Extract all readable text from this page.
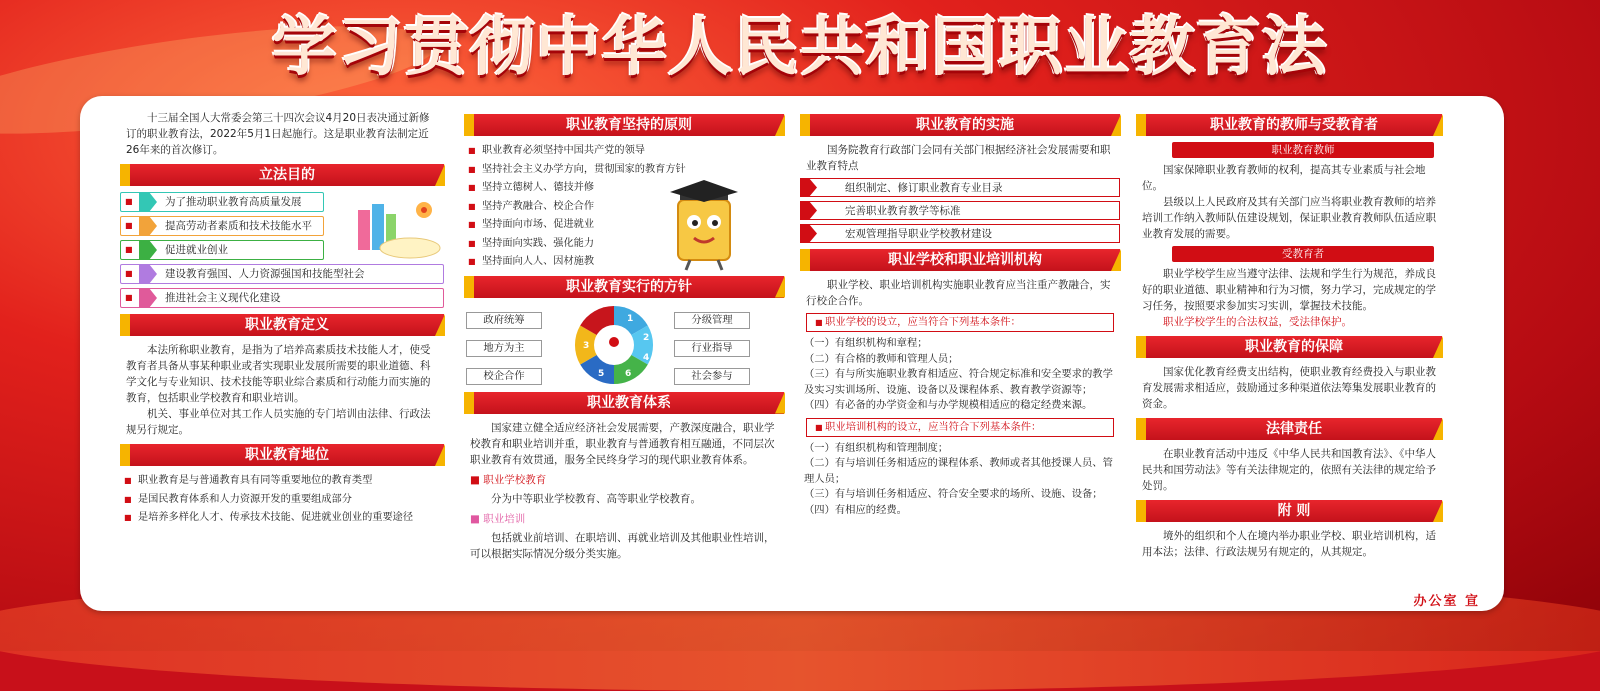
学习贯彻中华人民共和国职业教育法

十三届全国人大常委会第三十四次会议4月20日表决通过新修订的职业教育法，2022年5月1日起施行。这是职业教育法制定近26年来的首次修订。

立法目的
■ 为了推动职业教育高质量发展
■ 提高劳动者素质和技术技能水平
■ 促进就业创业
■ 建设教育强国、人力资源强国和技能型社会
■ 推进社会主义现代化建设
职业教育定义

本法所称职业教育，是指为了培养高素质技术技能人才，使受教育者具备从事某种职业或者实现职业发展所需要的职业道德、科学文化与专业知识、技术技能等职业综合素质和行动能力而实施的教育，包括职业学校教育和职业培训。

机关、事业单位对其工作人员实施的专门培训由法律、行政法规另行规定。

职业教育地位
■ 职业教育是与普通教育具有同等重要地位的教育类型
■ 是国民教育体系和人力资源开发的重要组成部分
■ 是培养多样化人才、传承技术技能、促进就业创业的重要途径
职业教育坚持的原则
■ 职业教育必须坚持中国共产党的领导
■ 坚持社会主义办学方向，贯彻国家的教育方针
■ 坚持立德树人、德技并修
■ 坚持产教融合、校企合作
■ 坚持面向市场、促进就业
■ 坚持面向实践、强化能力
■ 坚持面向人人、因材施教
职业教育实行的方针
政府统筹
地方为主
校企合作
分级管理
行业指导
社会参与
1
2
3
4
5 6
职业教育体系

国家建立健全适应经济社会发展需要，产教深度融合，职业学校教育和职业培训并重，职业教育与普通教育相互融通，不同层次职业教育有效贯通，服务全民终身学习的现代职业教育体系。

■ 职业学校教育

分为中等职业学校教育、高等职业学校教育。

■ 职业培训

包括就业前培训、在职培训、再就业培训及其他职业性培训，可以根据实际情况分级分类实施。

职业教育的实施

国务院教育行政部门会同有关部门根据经济社会发展需要和职业教育特点

组织制定、修订职业教育专业目录
完善职业教育教学等标准
宏观管理指导职业学校教材建设
职业学校和职业培训机构

职业学校、职业培训机构实施职业教育应当注重产教融合，实行校企合作。

■ 职业学校的设立，应当符合下列基本条件：

（一）有组织机构和章程；

（二）有合格的教师和管理人员；

（三）有与所实施职业教育相适应、符合规定标准和安全要求的教学及实习实训场所、设施、设备以及课程体系、教育教学资源等；

（四）有必备的办学资金和与办学规模相适应的稳定经费来源。

■ 职业培训机构的设立，应当符合下列基本条件：

（一）有组织机构和管理制度；

（二）有与培训任务相适应的课程体系、教师或者其他授课人员、管理人员；

（三）有与培训任务相适应、符合安全要求的场所、设施、设备；

（四）有相应的经费。

职业教育的教师与受教育者
职业教育教师

国家保障职业教育教师的权利，提高其专业素质与社会地位。

县级以上人民政府及其有关部门应当将职业教育教师的培养培训工作纳入教师队伍建设规划，保证职业教育教师队伍适应职业教育发展的需要。

受教育者

职业学校学生应当遵守法律、法规和学生行为规范，养成良好的职业道德、职业精神和行为习惯，努力学习，完成规定的学习任务，按照要求参加实习实训，掌握技术技能。

职业学校学生的合法权益，受法律保护。

职业教育的保障

国家优化教育经费支出结构，使职业教育经费投入与职业教育发展需求相适应，鼓励通过多种渠道依法筹集发展职业教育的资金。

法律责任

在职业教育活动中违反《中华人民共和国教育法》、《中华人民共和国劳动法》等有关法律规定的，依照有关法律的规定给予处罚。

附 则

境外的组织和个人在境内举办职业学校、职业培训机构，适用本法；法律、行政法规另有规定的，从其规定。

办公室 宣
